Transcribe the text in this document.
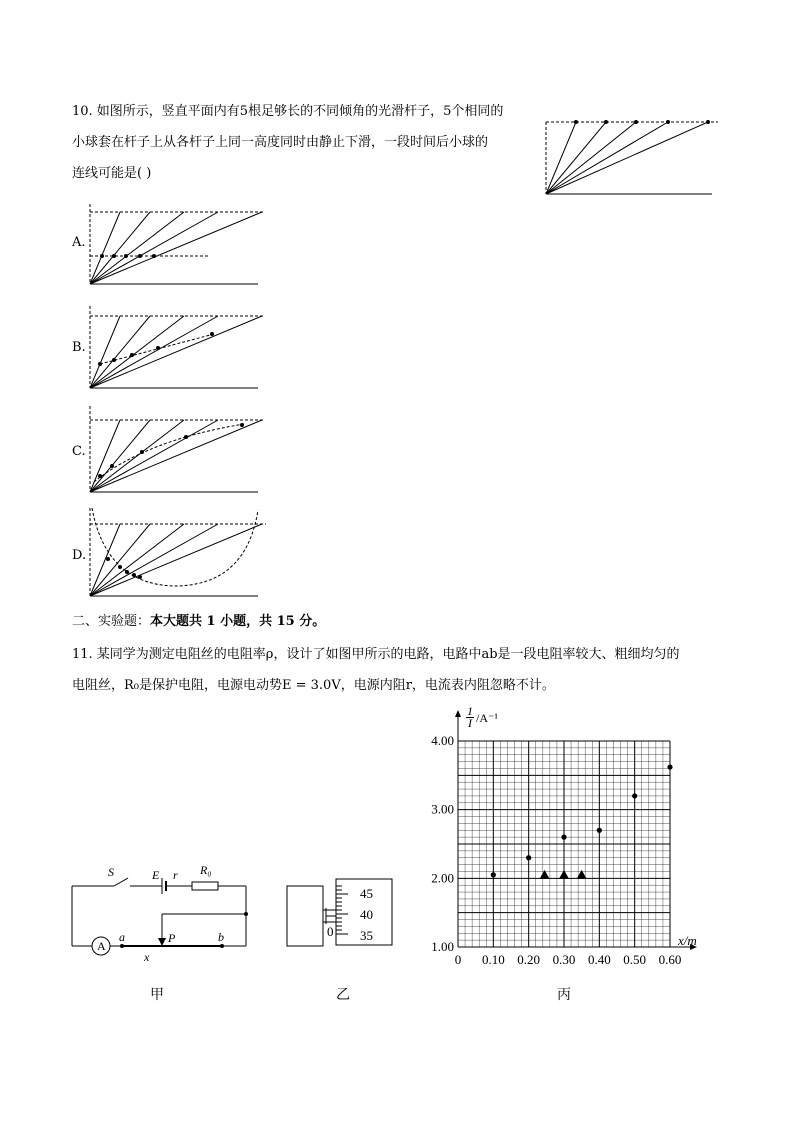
10. 如图所示，竖直平面内有5根足够长的不同倾角的光滑杆子，5个相同的
小球套在杆子上从各杆子上同一高度同时由静止下滑，一段时间后小球的
连线可能是( )
A.
B.
C.
D.
二、实验题：本大题共 1 小题，共 15 分。
11. 某同学为测定电阻丝的电阻率ρ，设计了如图甲所示的电路，电路中ab是一段电阻率较大、粗细均匀的
电阻丝，R₀是保护电阻，电源电动势E = 3.0V，电源内阻r，电流表内阻忽略不计。
S	E r R₀
A
a	b
P
x
甲
45
40
35
0
乙
0.10 0.20 0.30 0.40 0.50 0.60
0
4.00
3.00
2.00
1.00
$\frac{1}{I} /A^{-1}$
x/m
丙
